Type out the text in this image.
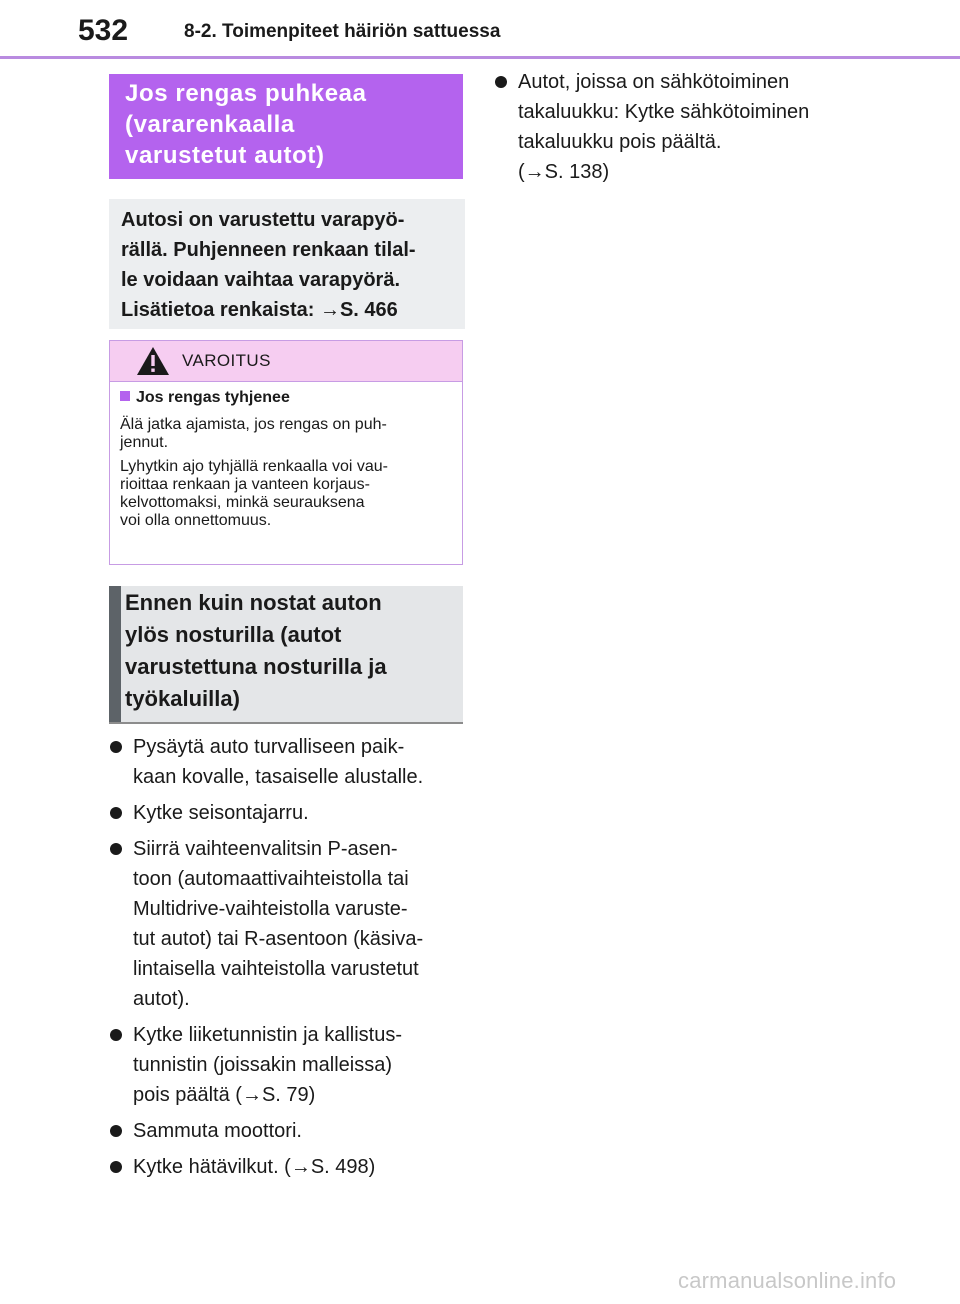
532	8-2. Toimenpiteet häiriön sattuessa
Jos rengas puhkeaa
(vararenkaalla
varustetut autot)
Autosi on varustettu varapyö-
rällä. Puhjenneen renkaan tilal-
le voidaan vaihtaa varapyörä.
Lisätietoa renkaista: →S. 466
VAROITUS
Jos rengas tyhjenee

Älä jatka ajamista, jos rengas on puh-
jennut.

Lyhytkin ajo tyhjällä renkaalla voi vau-
rioittaa renkaan ja vanteen korjaus-
kelvottomaksi, minkä seurauksena
voi olla onnettomuus.

Ennen kuin nostat auton
ylös nosturilla (autot
varustettuna nosturilla ja
työkaluilla)
Pysäytä auto turvalliseen paik-
kaan kovalle, tasaiselle alustalle.
Kytke seisontajarru.
Siirrä vaihteenvalitsin P-asen-
toon (automaattivaihteistolla tai
Multidrive-vaihteistolla varuste-
tut autot) tai R-asentoon (käsiva-
lintaisella vaihteistolla varustetut
autot).
Kytke liiketunnistin ja kallistus-
tunnistin (joissakin malleissa)
pois päältä (→S. 79)
Sammuta moottori.
Kytke hätävilkut. (→S. 498)
Autot, joissa on sähkötoiminen
takaluukku: Kytke sähkötoiminen
takaluukku pois päältä.
(→S. 138)
carmanualsonline.info
